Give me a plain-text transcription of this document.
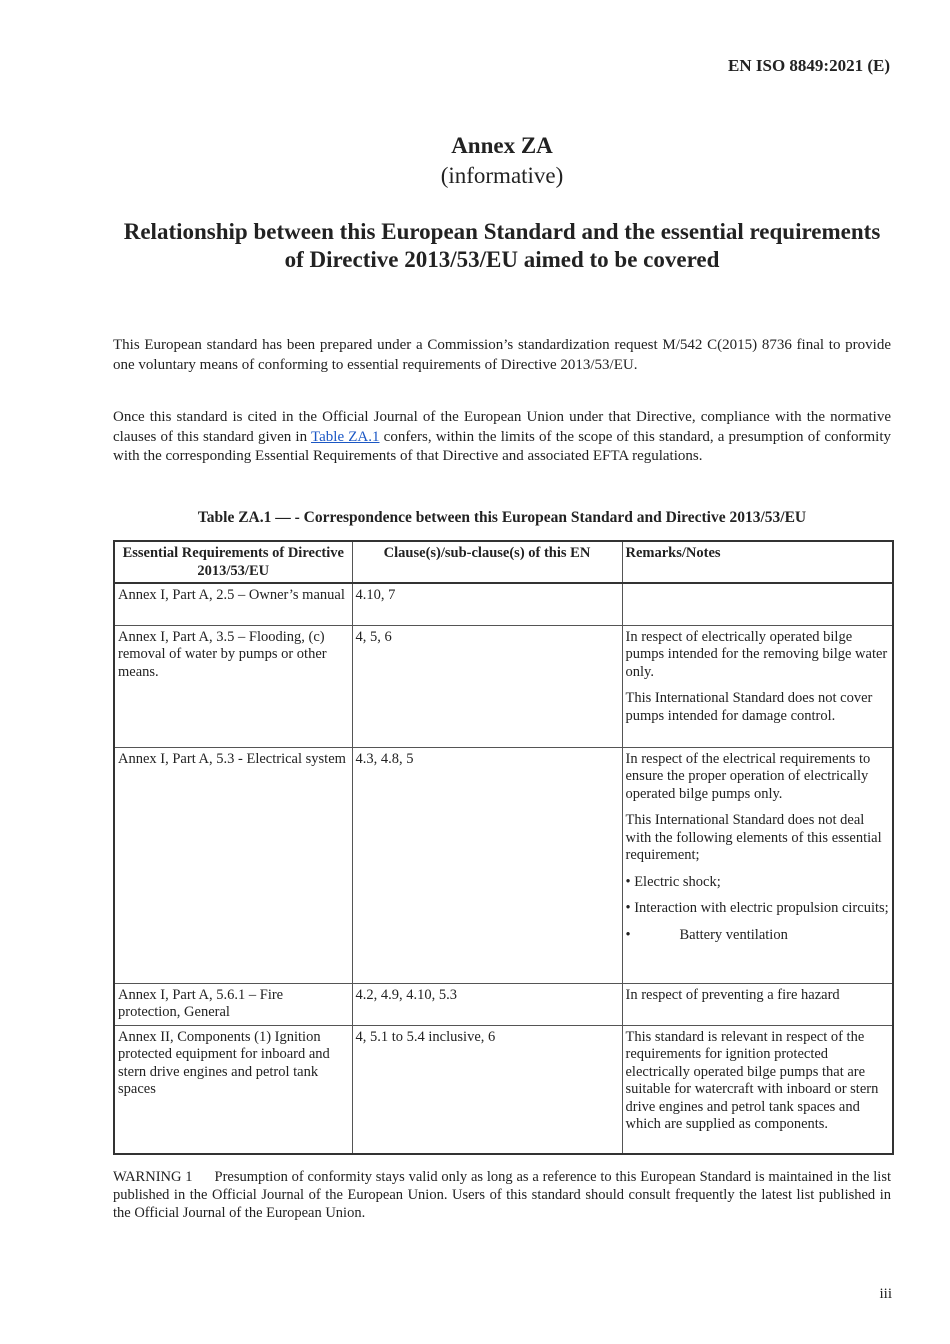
EN ISO 8849:2021 (E)
Annex ZA
(informative)
Relationship between this European Standard and the essential requirements of Directive 2013/53/EU aimed to be covered

This European standard has been prepared under a Commission’s standardization request M/542 C(2015) 8736 final to provide one voluntary means of conforming to essential requirements of Directive 2013/53/EU.

Once this standard is cited in the Official Journal of the European Union under that Directive, compliance with the normative clauses of this standard given in Table ZA.1 confers, within the limits of the scope of this standard, a presumption of conformity with the corresponding Essential Requirements of that Directive and associated EFTA regulations.

Table ZA.1 — - Correspondence between this European Standard and Directive 2013/53/EU
Essential Requirements of Directive 2013/53/EU	Clause(s)/sub-clause(s) of this EN	Remarks/Notes
Annex I, Part A, 2.5 – Owner’s manual	4.10, 7	
Annex I, Part A, 3.5 – Flooding, (c) removal of water by pumps or other means.	4, 5, 6	In respect of electrically operated bilge pumps intended for the removing bilge water only.

This International Standard does not cover pumps intended for damage control.

Annex I, Part A, 5.3 - Electrical system	4.3, 4.8, 5	In respect of the electrical requirements to ensure the proper operation of electrically operated bilge pumps only.

This International Standard does not deal with the following elements of this essential requirement;

• Electric shock;

• Interaction with electric propulsion circuits;

• Battery ventilation

Annex I, Part A, 5.6.1 – Fire protection, General	4.2, 4.9, 4.10, 5.3	In respect of preventing a fire hazard

Annex II, Components (1) Ignition protected equipment for inboard and stern drive engines and petrol tank spaces	4, 5.1 to 5.4 inclusive, 6	This standard is relevant in respect of the requirements for ignition protected electrically operated bilge pumps that are suitable for watercraft with inboard or stern drive engines and petrol tank spaces and which are supplied as components.

WARNING 1 Presumption of conformity stays valid only as long as a reference to this European Standard is maintained in the list published in the Official Journal of the European Union. Users of this standard should consult frequently the latest list published in the Official Journal of the European Union.

iii
